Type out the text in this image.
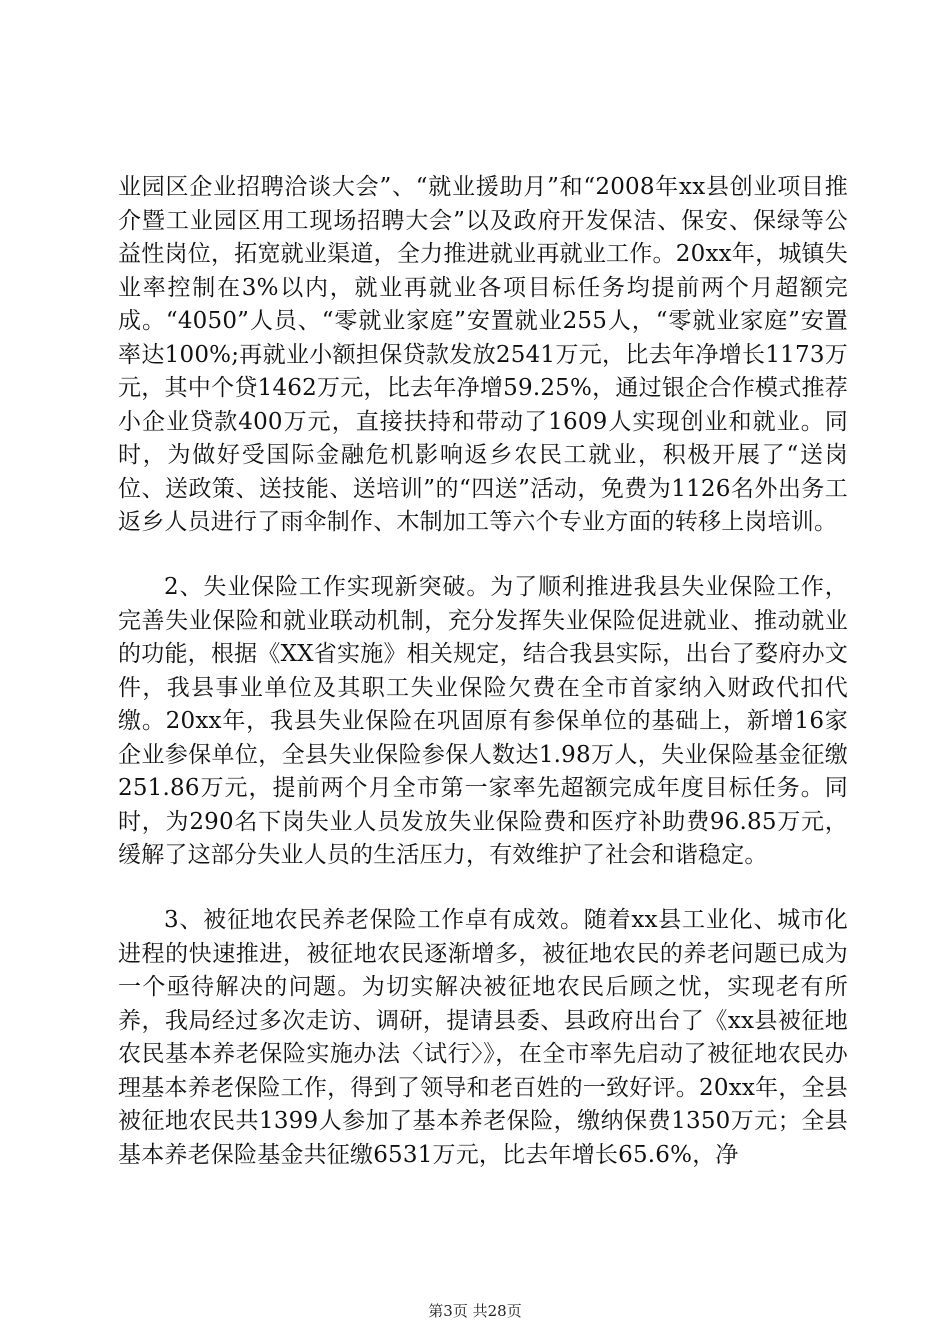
业园区企业招聘洽谈大会”、“就业援助月”和“2008年xx县创业项目推介暨工业园区用工现场招聘大会”以及政府开发保洁、保安、保绿等公益性岗位，拓宽就业渠道，全力推进就业再就业工作。20xx年，城镇失业率控制在3%以内，就业再就业各项目标任务均提前两个月超额完成。“4050”人员、“零就业家庭”安置就业255人，“零就业家庭”安置率达100%;再就业小额担保贷款发放2541万元，比去年净增长1173万元，其中个贷1462万元，比去年净增59.25%，通过银企合作模式推荐小企业贷款400万元，直接扶持和带动了1609人实现创业和就业。同时，为做好受国际金融危机影响返乡农民工就业，积极开展了“送岗位、送政策、送技能、送培训”的“四送”活动，免费为1126名外出务工返乡人员进行了雨伞制作、木制加工等六个专业方面的转移上岗培训。

2、失业保险工作实现新突破。为了顺利推进我县失业保险工作，完善失业保险和就业联动机制，充分发挥失业保险促进就业、推动就业的功能，根据《XX省实施》相关规定，结合我县实际，出台了婺府办文件，我县事业单位及其职工失业保险欠费在全市首家纳入财政代扣代缴。20xx年，我县失业保险在巩固原有参保单位的基础上，新增16家企业参保单位，全县失业保险参保人数达1.98万人，失业保险基金征缴251.86万元，提前两个月全市第一家率先超额完成年度目标任务。同时，为290名下岗失业人员发放失业保险费和医疗补助费96.85万元，缓解了这部分失业人员的生活压力，有效维护了社会和谐稳定。

3、被征地农民养老保险工作卓有成效。随着xx县工业化、城市化进程的快速推进，被征地农民逐渐增多，被征地农民的养老问题已成为一个亟待解决的问题。为切实解决被征地农民后顾之忧，实现老有所养，我局经过多次走访、调研，提请县委、县政府出台了《xx县被征地农民基本养老保险实施办法〈试行〉》，在全市率先启动了被征地农民办理基本养老保险工作，得到了领导和老百姓的一致好评。20xx年，全县被征地农民共1399人参加了基本养老保险，缴纳保费1350万元；全县基本养老保险基金共征缴6531万元，比去年增长65.6%，净

第3页 共28页
